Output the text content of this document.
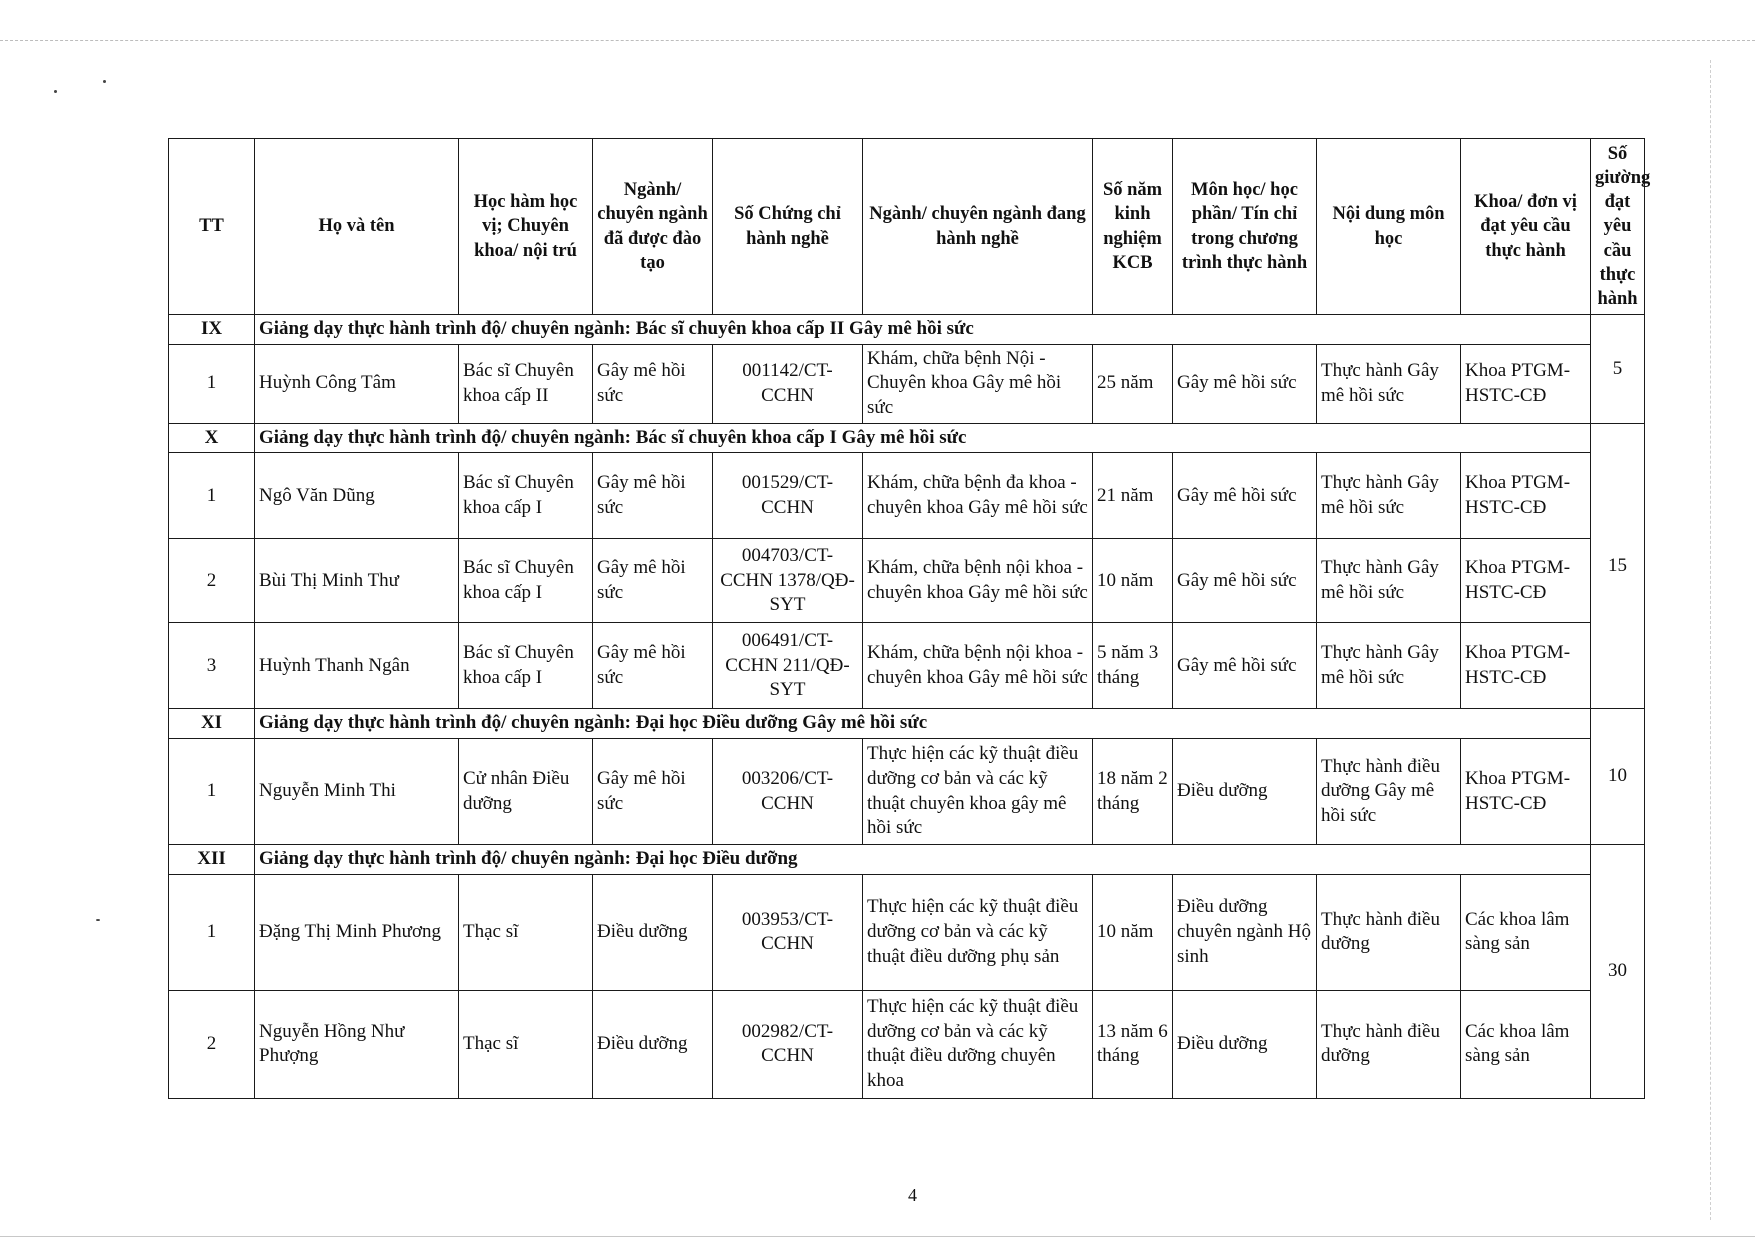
TT	Họ và tên	Học hàm học vị; Chuyên khoa/ nội trú	Ngành/ chuyên ngành đã được đào tạo	Số Chứng chỉ hành nghề	Ngành/ chuyên ngành đang hành nghề	Số năm kinh nghiệm KCB	Môn học/ học phần/ Tín chỉ trong chương trình thực hành	Nội dung môn học	Khoa/ đơn vị đạt yêu cầu thực hành	Số giường đạt yêu cầu thực hành
IX	Giảng dạy thực hành trình độ/ chuyên ngành: Bác sĩ chuyên khoa cấp II Gây mê hồi sức									5
1	Huỳnh Công Tâm	Bác sĩ Chuyên khoa cấp II	Gây mê hồi sức	001142/CT-CCHN	Khám, chữa bệnh Nội - Chuyên khoa Gây mê hồi sức	25 năm	Gây mê hồi sức	Thực hành Gây mê hồi sức	Khoa PTGM-HSTC-CĐ	
X	Giảng dạy thực hành trình độ/ chuyên ngành: Bác sĩ chuyên khoa cấp I Gây mê hồi sức									15
1	Ngô Văn Dũng	Bác sĩ Chuyên khoa cấp I	Gây mê hồi sức	001529/CT-CCHN	Khám, chữa bệnh đa khoa - chuyên khoa Gây mê hồi sức	21 năm	Gây mê hồi sức	Thực hành Gây mê hồi sức	Khoa PTGM-HSTC-CĐ	
2	Bùi Thị Minh Thư	Bác sĩ Chuyên khoa cấp I	Gây mê hồi sức	004703/CT-CCHN 1378/QĐ-SYT	Khám, chữa bệnh nội khoa - chuyên khoa Gây mê hồi sức	10 năm	Gây mê hồi sức	Thực hành Gây mê hồi sức	Khoa PTGM-HSTC-CĐ	
3	Huỳnh Thanh Ngân	Bác sĩ Chuyên khoa cấp I	Gây mê hồi sức	006491/CT-CCHN 211/QĐ-SYT	Khám, chữa bệnh nội khoa - chuyên khoa Gây mê hồi sức	5 năm 3 tháng	Gây mê hồi sức	Thực hành Gây mê hồi sức	Khoa PTGM-HSTC-CĐ	
XI	Giảng dạy thực hành trình độ/ chuyên ngành: Đại học Điều dưỡng Gây mê hồi sức									10
1	Nguyễn Minh Thi	Cử nhân Điều dưỡng	Gây mê hồi sức	003206/CT-CCHN	Thực hiện các kỹ thuật điều dưỡng cơ bản và các kỹ thuật chuyên khoa gây mê hồi sức	18 năm 2 tháng	Điều dưỡng	Thực hành điều dưỡng Gây mê hồi sức	Khoa PTGM-HSTC-CĐ	
XII	Giảng dạy thực hành trình độ/ chuyên ngành: Đại học Điều dưỡng									30
1	Đặng Thị Minh Phương	Thạc sĩ	Điều dưỡng	003953/CT-CCHN	Thực hiện các kỹ thuật điều dưỡng cơ bản và các kỹ thuật điều dưỡng phụ sản	10 năm	Điều dưỡng chuyên ngành Hộ sinh	Thực hành điều dưỡng	Các khoa lâm sàng sản	
2	Nguyễn Hồng Như Phượng	Thạc sĩ	Điều dưỡng	002982/CT-CCHN	Thực hiện các kỹ thuật điều dưỡng cơ bản và các kỹ thuật điều dưỡng chuyên khoa	13 năm 6 tháng	Điều dưỡng	Thực hành điều dưỡng	Các khoa lâm sàng sản	
4
